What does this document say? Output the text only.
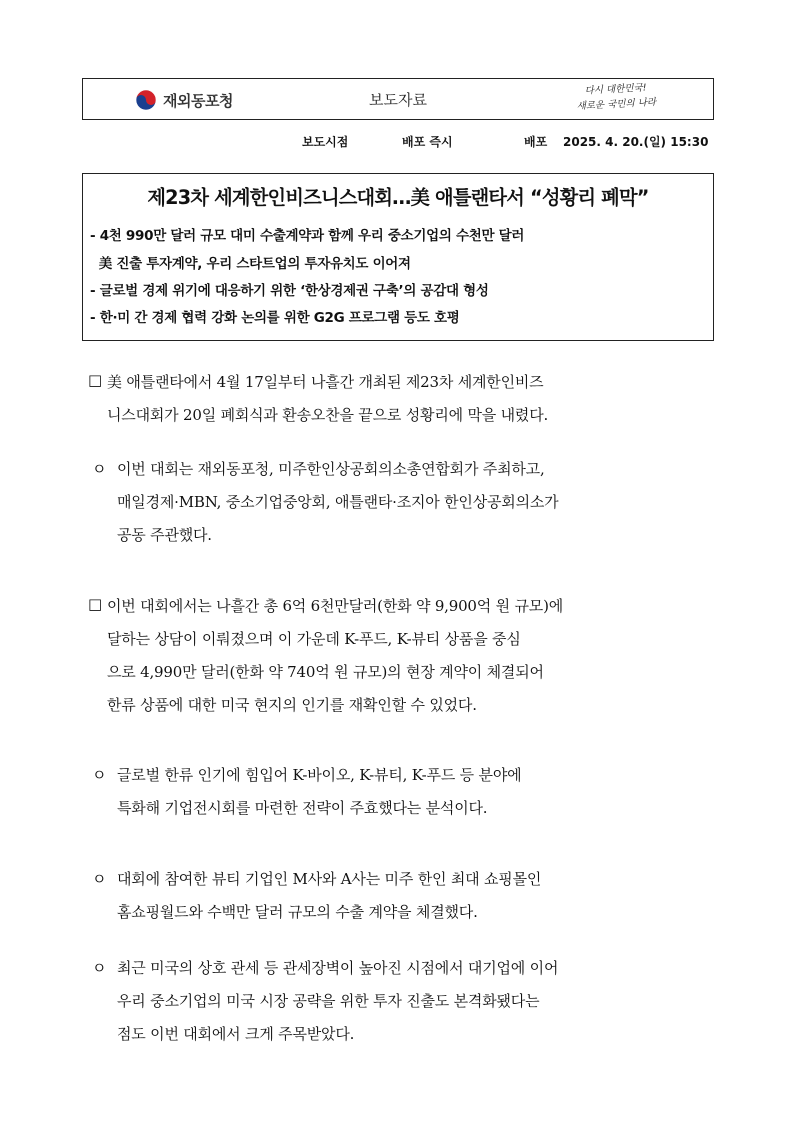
재외동포청	보도자료
다시 대한민국!
새로운 국민의 나라
보도시점	배포 즉시	배포 2025. 4. 20.(일) 15:30
제23차 세계한인비즈니스대회…美 애틀랜타서 “성황리 폐막”
- 4천 990만 달러 규모 대미 수출계약과 함께 우리 중소기업의 수천만 달러
美 진출 투자계약, 우리 스타트업의 투자유치도 이어져
- 글로벌 경제 위기에 대응하기 위한 ‘한상경제권 구축’의 공감대 형성
- 한·미 간 경제 협력 강화 논의를 위한 G2G 프로그램 등도 호평
□ 美 애틀랜타에서 4월 17일부터 나흘간 개최된 제23차 세계한인비즈
니스대회가 20일 폐회식과 환송오찬을 끝으로 성황리에 막을 내렸다.
ㅇ 이번 대회는 재외동포청, 미주한인상공회의소총연합회가 주최하고,
매일경제·MBN, 중소기업중앙회, 애틀랜타·조지아 한인상공회의소가
공동 주관했다.
□ 이번 대회에서는 나흘간 총 6억 6천만달러(한화 약 9,900억 원 규모)에
달하는 상담이 이뤄졌으며 이 가운데 K-푸드, K-뷰티 상품을 중심
으로 4,990만 달러(한화 약 740억 원 규모)의 현장 계약이 체결되어
한류 상품에 대한 미국 현지의 인기를 재확인할 수 있었다.
ㅇ 글로벌 한류 인기에 힘입어 K-바이오, K-뷰티, K-푸드 등 분야에
특화해 기업전시회를 마련한 전략이 주효했다는 분석이다.
ㅇ 대회에 참여한 뷰티 기업인 M사와 A사는 미주 한인 최대 쇼핑몰인
홈쇼핑월드와 수백만 달러 규모의 수출 계약을 체결했다.
ㅇ 최근 미국의 상호 관세 등 관세장벽이 높아진 시점에서 대기업에 이어
우리 중소기업의 미국 시장 공략을 위한 투자 진출도 본격화됐다는
점도 이번 대회에서 크게 주목받았다.
